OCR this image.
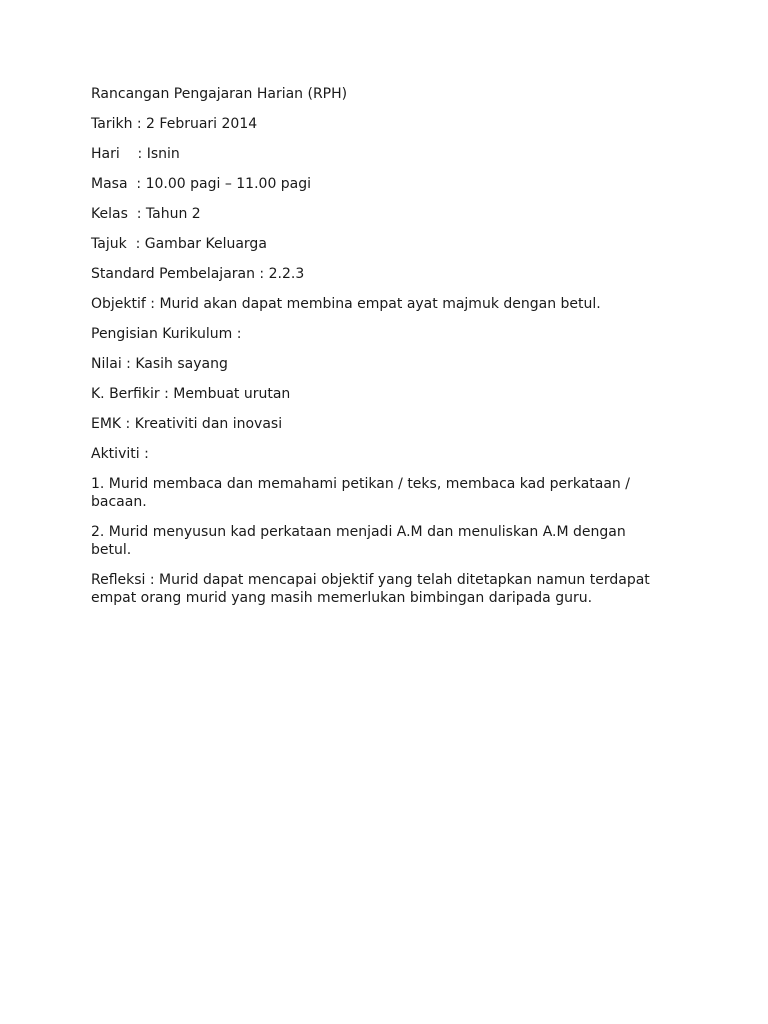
Rancangan Pengajaran Harian (RPH)

Tarikh : 2 Februari 2014

Hari    : Isnin

Masa  : 10.00 pagi – 11.00 pagi

Kelas  : Tahun 2

Tajuk  : Gambar Keluarga

Standard Pembelajaran : 2.2.3

Objektif : Murid akan dapat membina empat ayat majmuk dengan betul.

Pengisian Kurikulum :

Nilai : Kasih sayang

K. Berfikir : Membuat urutan

EMK : Kreativiti dan inovasi

Aktiviti :

1. Murid membaca dan memahami petikan / teks, membaca kad perkataan / bacaan.

2. Murid menyusun kad perkataan menjadi A.M dan menuliskan A.M dengan betul.

Refleksi : Murid dapat mencapai objektif yang telah ditetapkan namun terdapat empat orang murid yang masih memerlukan bimbingan daripada guru.
